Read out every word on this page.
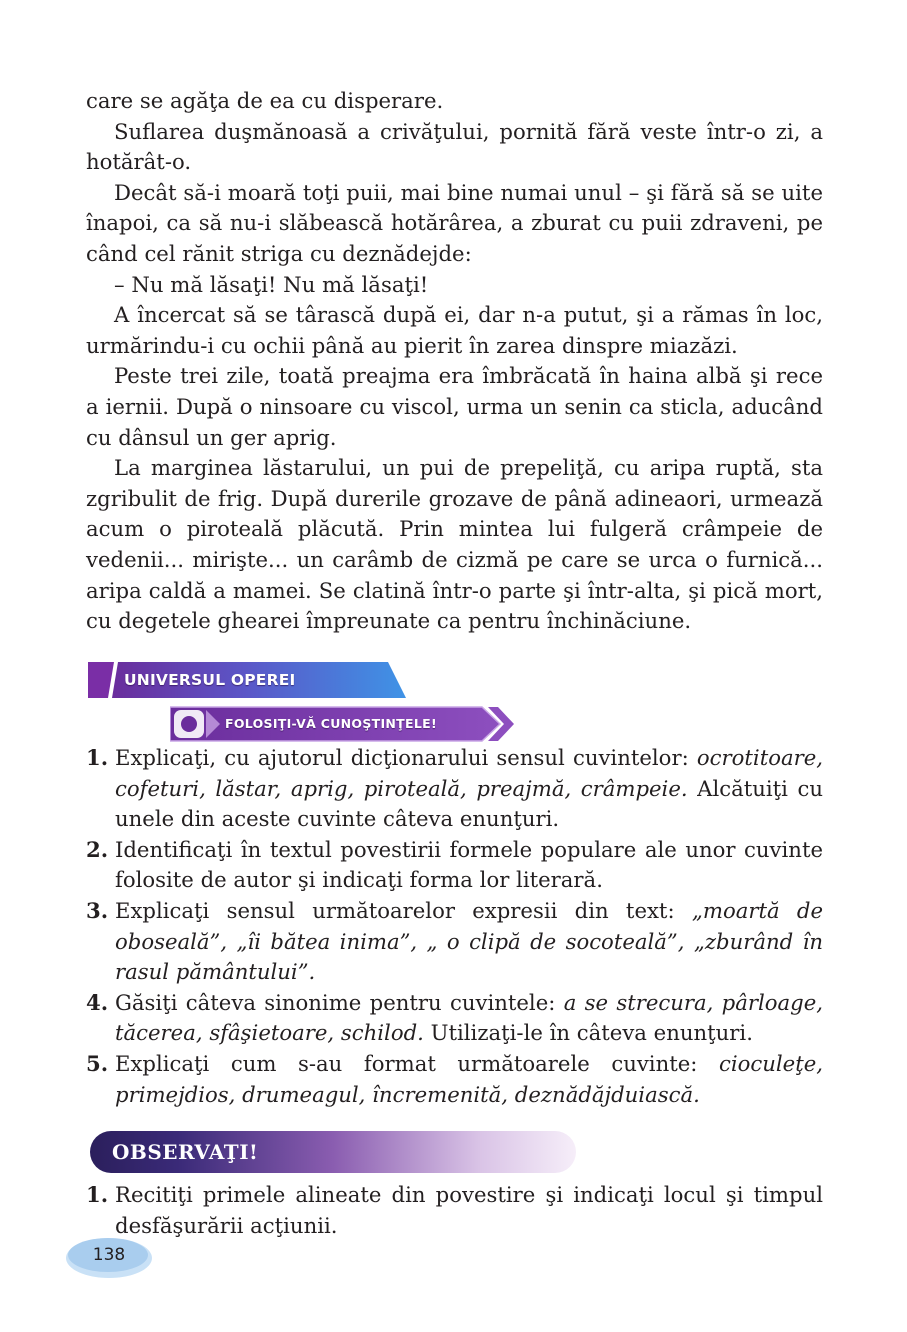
care se agăţa de ea cu disperare.

Suflarea duşmănoasă a crivăţului, pornită fără veste într-o zi, a hotărât-o.

Decât să-i moară toţi puii, mai bine numai unul – şi fără să se uite înapoi, ca să nu-i slăbească hotărârea, a zburat cu puii zdraveni, pe când cel rănit striga cu deznădejde:

– Nu mă lăsaţi! Nu mă lăsaţi!

A încercat să se târască după ei, dar n-a putut, şi a rămas în loc, urmărindu-i cu ochii până au pierit în zarea dinspre miazăzi.

Peste trei zile, toată preajma era îmbrăcată în haina albă şi rece a iernii. După o ninsoare cu viscol, urma un senin ca sticla, aducând cu dânsul un ger aprig.

La marginea lăstarului, un pui de prepeliţă, cu aripa ruptă, sta zgribulit de frig. După durerile grozave de până adineaori, urmează acum o piroteală plăcută. Prin mintea lui fulgeră crâmpeie de vedenii... mirişte... un carâmb de cizmă pe care se urca o furnică... aripa caldă a mamei. Se clatină într-o parte şi într-alta, şi pică mort, cu degetele ghearei împreunate ca pentru închinăciune.

UNIVERSUL OPEREI
FOLOSIŢI-VĂ CUNOŞTINŢELE!
1. Explicaţi, cu ajutorul dicţionarului sensul cuvintelor: ocrotitoare, cofeturi, lăstar, aprig, piroteală, preajmă, crâmpeie. Alcătuiţi cu unele din aceste cuvinte câteva enunţuri.
2. Identificaţi în textul povestirii formele populare ale unor cuvinte folosite de autor şi indicaţi forma lor literară.
3. Explicaţi sensul următoarelor expresii din text: „moartă de oboseală”, „îi bătea inima”, „ o clipă de socoteală”, „zburând în rasul pământului”.
4. Găsiţi câteva sinonime pentru cuvintele: a se strecura, pârloage, tăcerea, sfâşietoare, schilod. Utilizaţi-le în câteva enunţuri.
5. Explicaţi cum s-au format următoarele cuvinte: cioculeţe, primejdios, drumeagul, încremenită, deznădăjduiască.
OBSERVAŢI!
1. Recitiţi primele alineate din povestire şi indicaţi locul şi timpul desfăşurării acţiunii.
138
